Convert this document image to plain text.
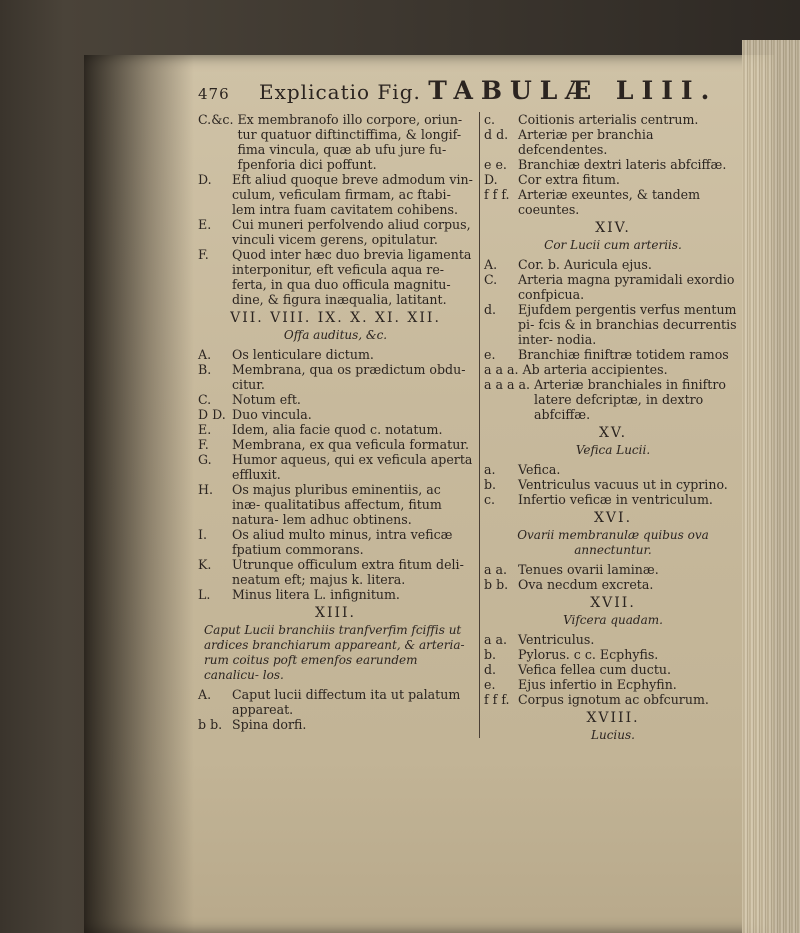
476 Explicatio Fig. TABULÆ LIII.
C.&c. Ex membranofo illo corpore, oriun- tur quatuor diftinctiffima, & longif- fima vincula, quæ ab ufu jure fu- fpenforia dici poffunt.
D.	Eft aliud quoque breve admodum vin- culum, veficulam firmam, ac ftabi- lem intra fuam cavitatem cohibens.
E.	Cui muneri perfolvendo aliud corpus, vinculi vicem gerens, opitulatur.
F.	Quod inter hæc duo brevia ligamenta interponitur, eft veficula aqua re- ferta, in qua duo officula magnitu- dine, & figura inæqualia, latitant.
VII. VIII. IX. X. XI. XII.
Offa auditus, &c.
A.	Os lenticulare dictum.
B.	Membrana, qua os prædictum obdu- citur.
C.	Notum eft.
D D. Duo vincula.
E.	Idem, alia facie quod c. notatum.
F.	Membrana, ex qua veficula formatur.
G.	Humor aqueus, qui ex veficula aperta effluxit.
H.	Os majus pluribus eminentiis, ac inæ- qualitatibus affectum, fitum natura- lem adhuc obtinens.
I.	Os aliud multo minus, intra veficæ fpatium commorans.
K.	Utrunque officulum extra fitum deli- neatum eft; majus k. litera.
L.	Minus litera L. infignitum.
XIII.
Caput Lucii branchiis tranfverfim fciffis ut ardices branchiarum appareant, & arteria- rum coitus poft emenfos earundem canalicu- los.
A.	Caput lucii diffectum ita ut palatum appareat.
b b. Spina dorfi.
c.	Coitionis arterialis centrum.
d d. Arteriæ per branchia defcendentes.
e e. Branchiæ dextri lateris abfciffæ.
D.	Cor extra fitum.
f f f. Arteriæ exeuntes, & tandem coeuntes.
XIV.
Cor Lucii cum arteriis.
A.	Cor. b. Auricula ejus.
C.	Arteria magna pyramidali exordio confpicua.
d.	Ejufdem pergentis verfus mentum pi- fcis & in branchias decurrentis inter- nodia.
e.	Branchiæ finiftræ totidem ramos
a a a. Ab arteria accipientes.
a a a a. Arteriæ branchiales in finiftro latere defcriptæ, in dextro abfciffæ.
XV.
Vefica Lucii.
a.	Vefica.
b.	Ventriculus vacuus ut in cyprino.
c.	Infertio veficæ in ventriculum.
XVI.
Ovarii membranulæ quibus ova annectuntur.
a a. Tenues ovarii laminæ.
b b. Ova necdum excreta.
XVII.
Vifcera quadam.
a a. Ventriculus.
b.	Pylorus. c c. Ecphyfis.
d.	Vefica fellea cum ductu.
e.	Ejus infertio in Ecphyfin.
f f f. Corpus ignotum ac obfcurum.
XVIII.
Lucius.
